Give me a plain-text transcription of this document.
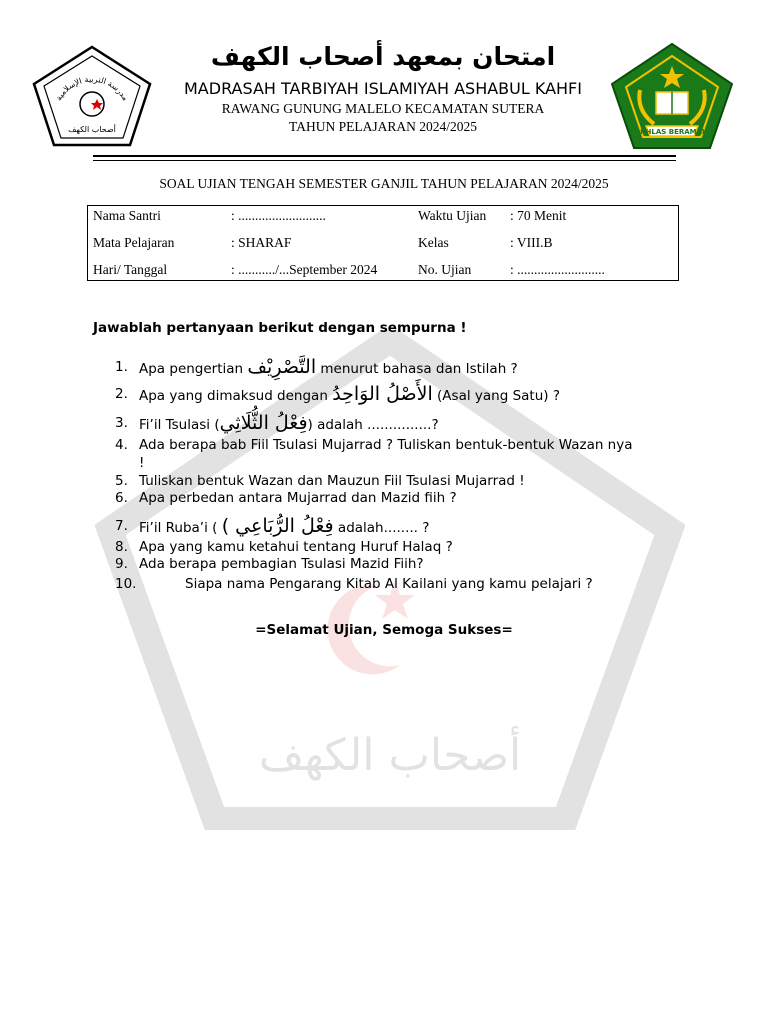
أصحاب الكهف
مدرسة التربية الإسلامية
أصحاب الكهف	IKHLAS BERAMAL
امتحان بمعهد أصحاب الكهف
MADRASAH TARBIYAH ISLAMIYAH ASHABUL KAHFI
RAWANG GUNUNG MALELO KECAMATAN SUTERA
TAHUN PELAJARAN 2024/2025
SOAL UJIAN TENGAH SEMESTER GANJIL TAHUN PELAJARAN 2024/2025
Nama Santri	: ..........................	Waktu Ujian : 70 Menit
Mata Pelajaran	: SHARAF	Kelas	: VIII.B
Hari/ Tanggal	: .........../...September 2024	No. Ujian	: ..........................
Jawablah pertanyaan berikut dengan sempurna !
1. Apa pengertian التَّصْرِيْف menurut bahasa dan Istilah ?
2. Apa yang dimaksud dengan الأَصْلُ الوَاحِدُ (Asal yang Satu) ?
3. Fi’il Tsulasi (فِعْلُ الثُّلَاثِي) adalah ...............?
4. Ada berapa bab Fiil Tsulasi Mujarrad ? Tuliskan bentuk-bentuk Wazan nya !
5. Tuliskan bentuk Wazan dan Mauzun Fiil Tsulasi Mujarrad !
6. Apa perbedan antara Mujarrad dan Mazid fiih ?
7. Fi’il Ruba’i ( فِعْلُ الرُّبَاعِي ) adalah........ ?
8. Apa yang kamu ketahui tentang Huruf Halaq ?
9. Ada berapa pembagian Tsulasi Mazid Fiih?
10.	Siapa nama Pengarang Kitab Al Kailani yang kamu pelajari ?
=Selamat Ujian, Semoga Sukses=
